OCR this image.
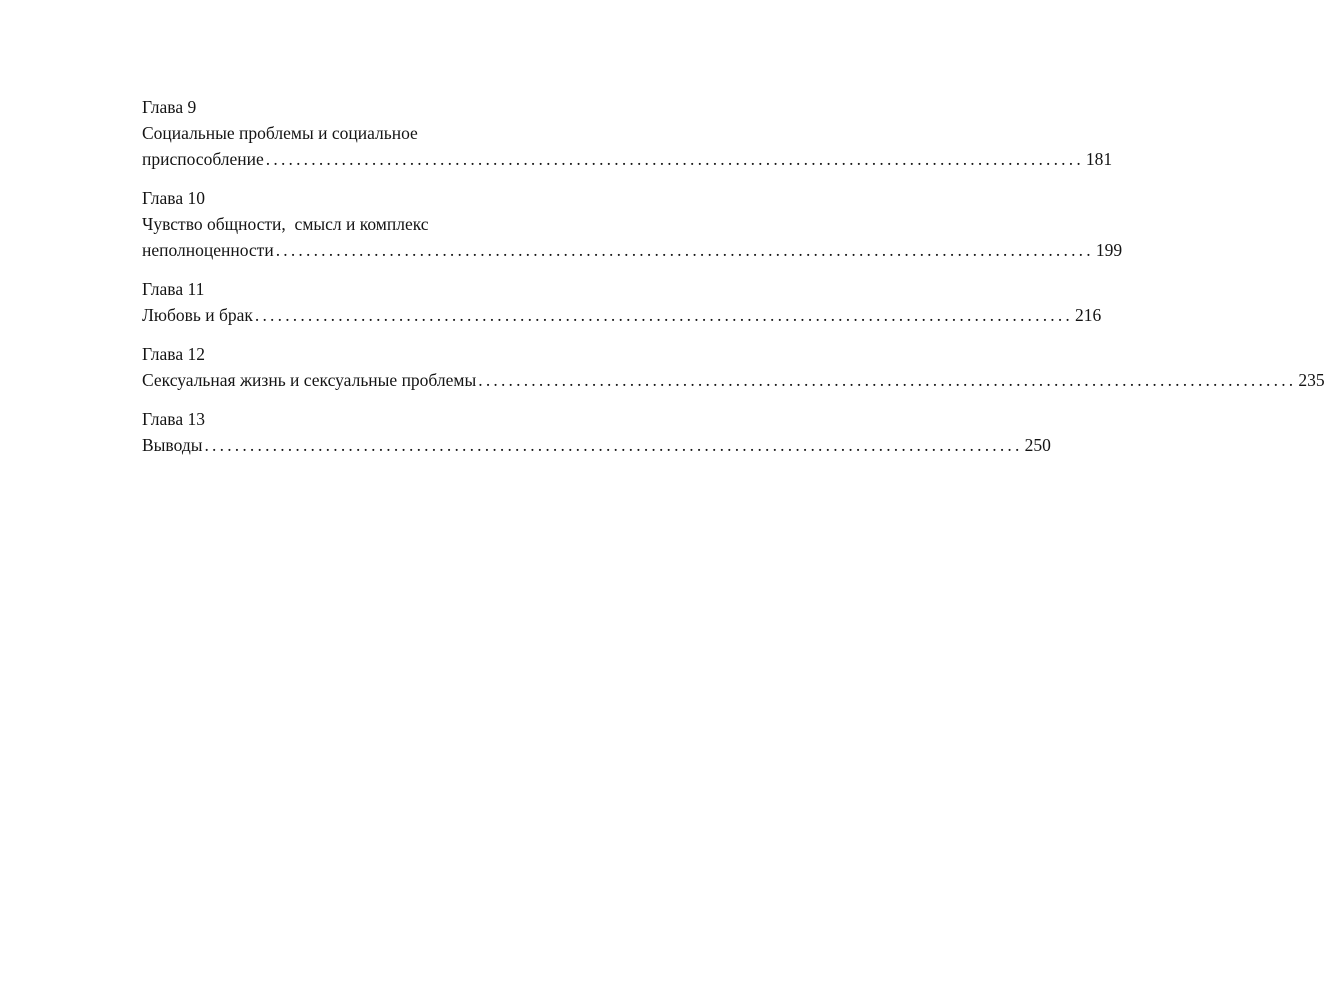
Глава 9
Социальные проблемы и социальное
приспособление ............................................................................................................ 181
Глава 10
Чувство общности,  смысл и комплекс
неполноценности ............................................................................................................ 199
Глава 11
Любовь и брак ............................................................................................................ 216
Глава 12
Сексуальная жизнь и сексуальные проблемы ............................................................................................................ 235
Глава 13
Выводы ............................................................................................................ 250
